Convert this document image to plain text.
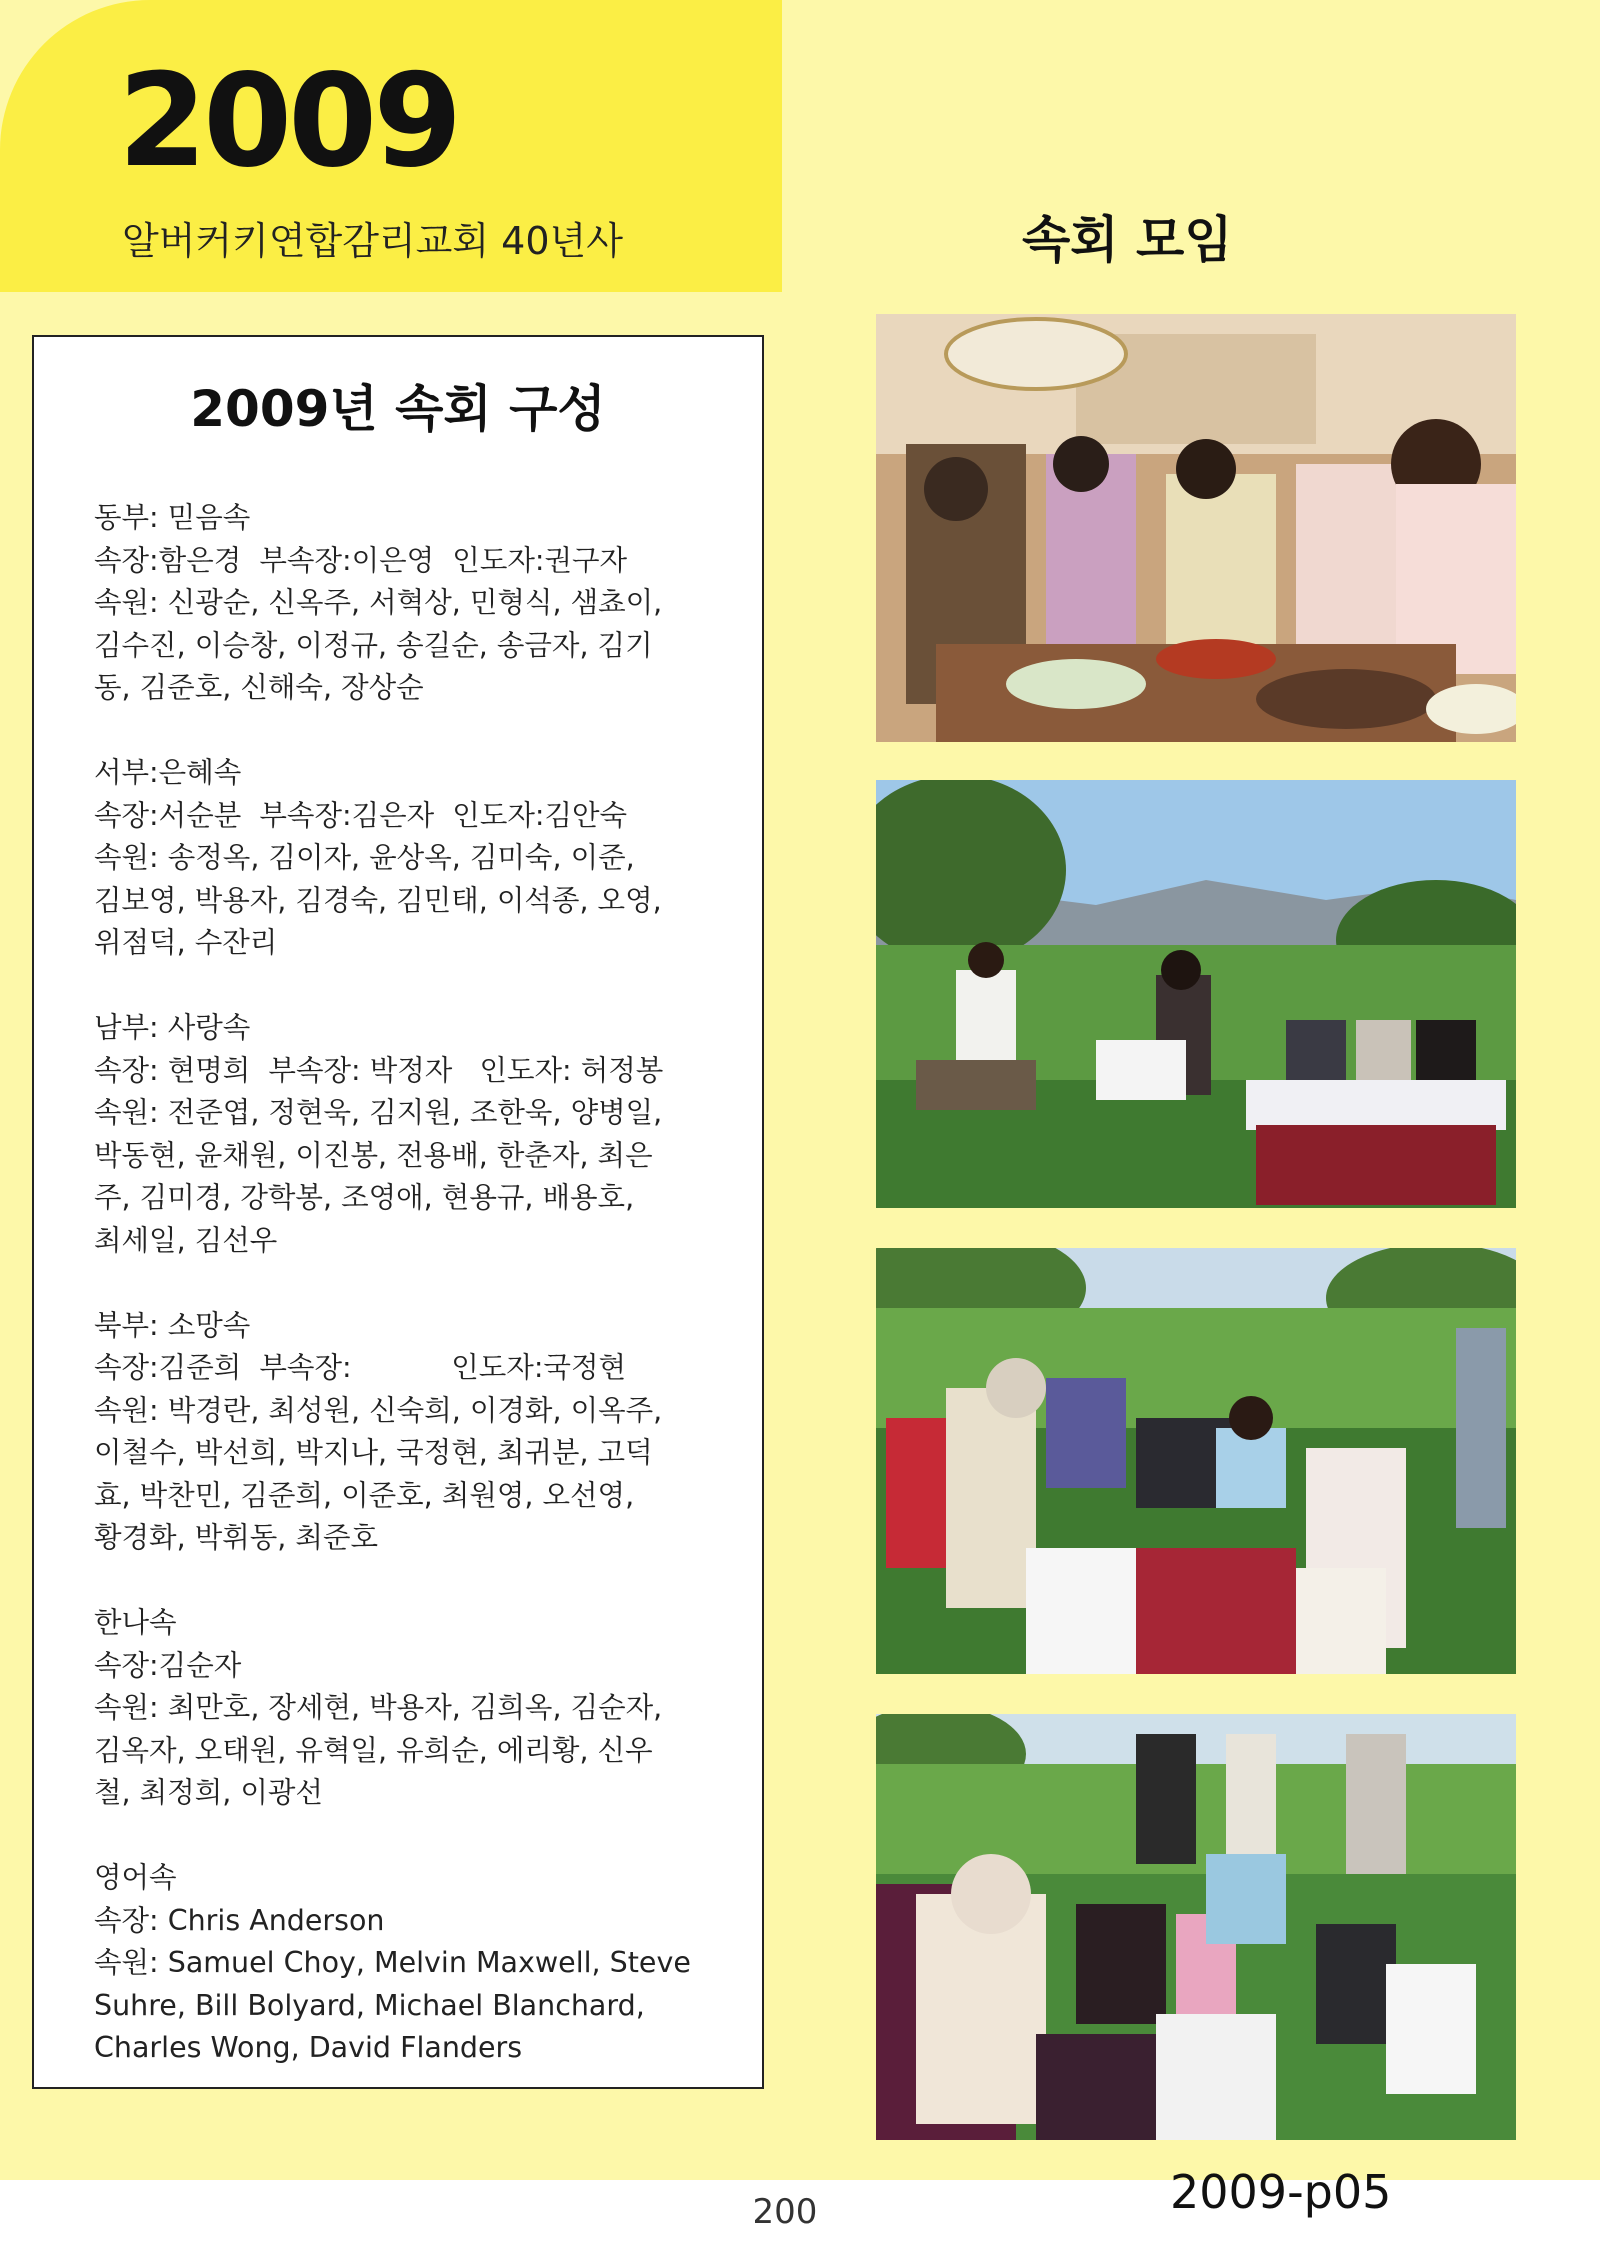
2009
알버커키연합감리교회 40년사	속회 모임
2009년 속회 구성

동부: 믿음속

속장:함은경  부속장:이은영  인도자:권구자

속원: 신광순, 신옥주, 서혁상, 민형식, 샘쵸이,

김수진, 이승창, 이정규, 송길순, 송금자, 김기

동, 김준호, 신해숙, 장상순

서부:은혜속

속장:서순분  부속장:김은자  인도자:김안숙

속원: 송정옥, 김이자, 윤상옥, 김미숙, 이준,

김보영, 박용자, 김경숙, 김민태, 이석종, 오영,

위점덕, 수잔리

남부: 사랑속

속장: 현명희  부속장: 박정자   인도자: 허정봉

속원: 전준엽, 정현욱, 김지원, 조한욱, 양병일,

박동현, 윤채원, 이진봉, 전용배, 한춘자, 최은

주, 김미경, 강학봉, 조영애, 현용규, 배용호,

최세일, 김선우

북부: 소망속

속장:김준희  부속장:           인도자:국정현

속원: 박경란, 최성원, 신숙희, 이경화, 이옥주,

이철수, 박선희, 박지나, 국정현, 최귀분, 고덕

효, 박찬민, 김준희, 이준호, 최원영, 오선영,

황경화, 박휘동, 최준호

한나속

속장:김순자

속원: 최만호, 장세현, 박용자, 김희옥, 김순자,

김옥자, 오태원, 유혁일, 유희순, 에리황, 신우

철, 최정희, 이광선

영어속

속장: Chris Anderson

속원: Samuel Choy, Melvin Maxwell, Steve

Suhre, Bill Bolyard, Michael Blanchard,

Charles Wong, David Flanders

200	2009-p05
